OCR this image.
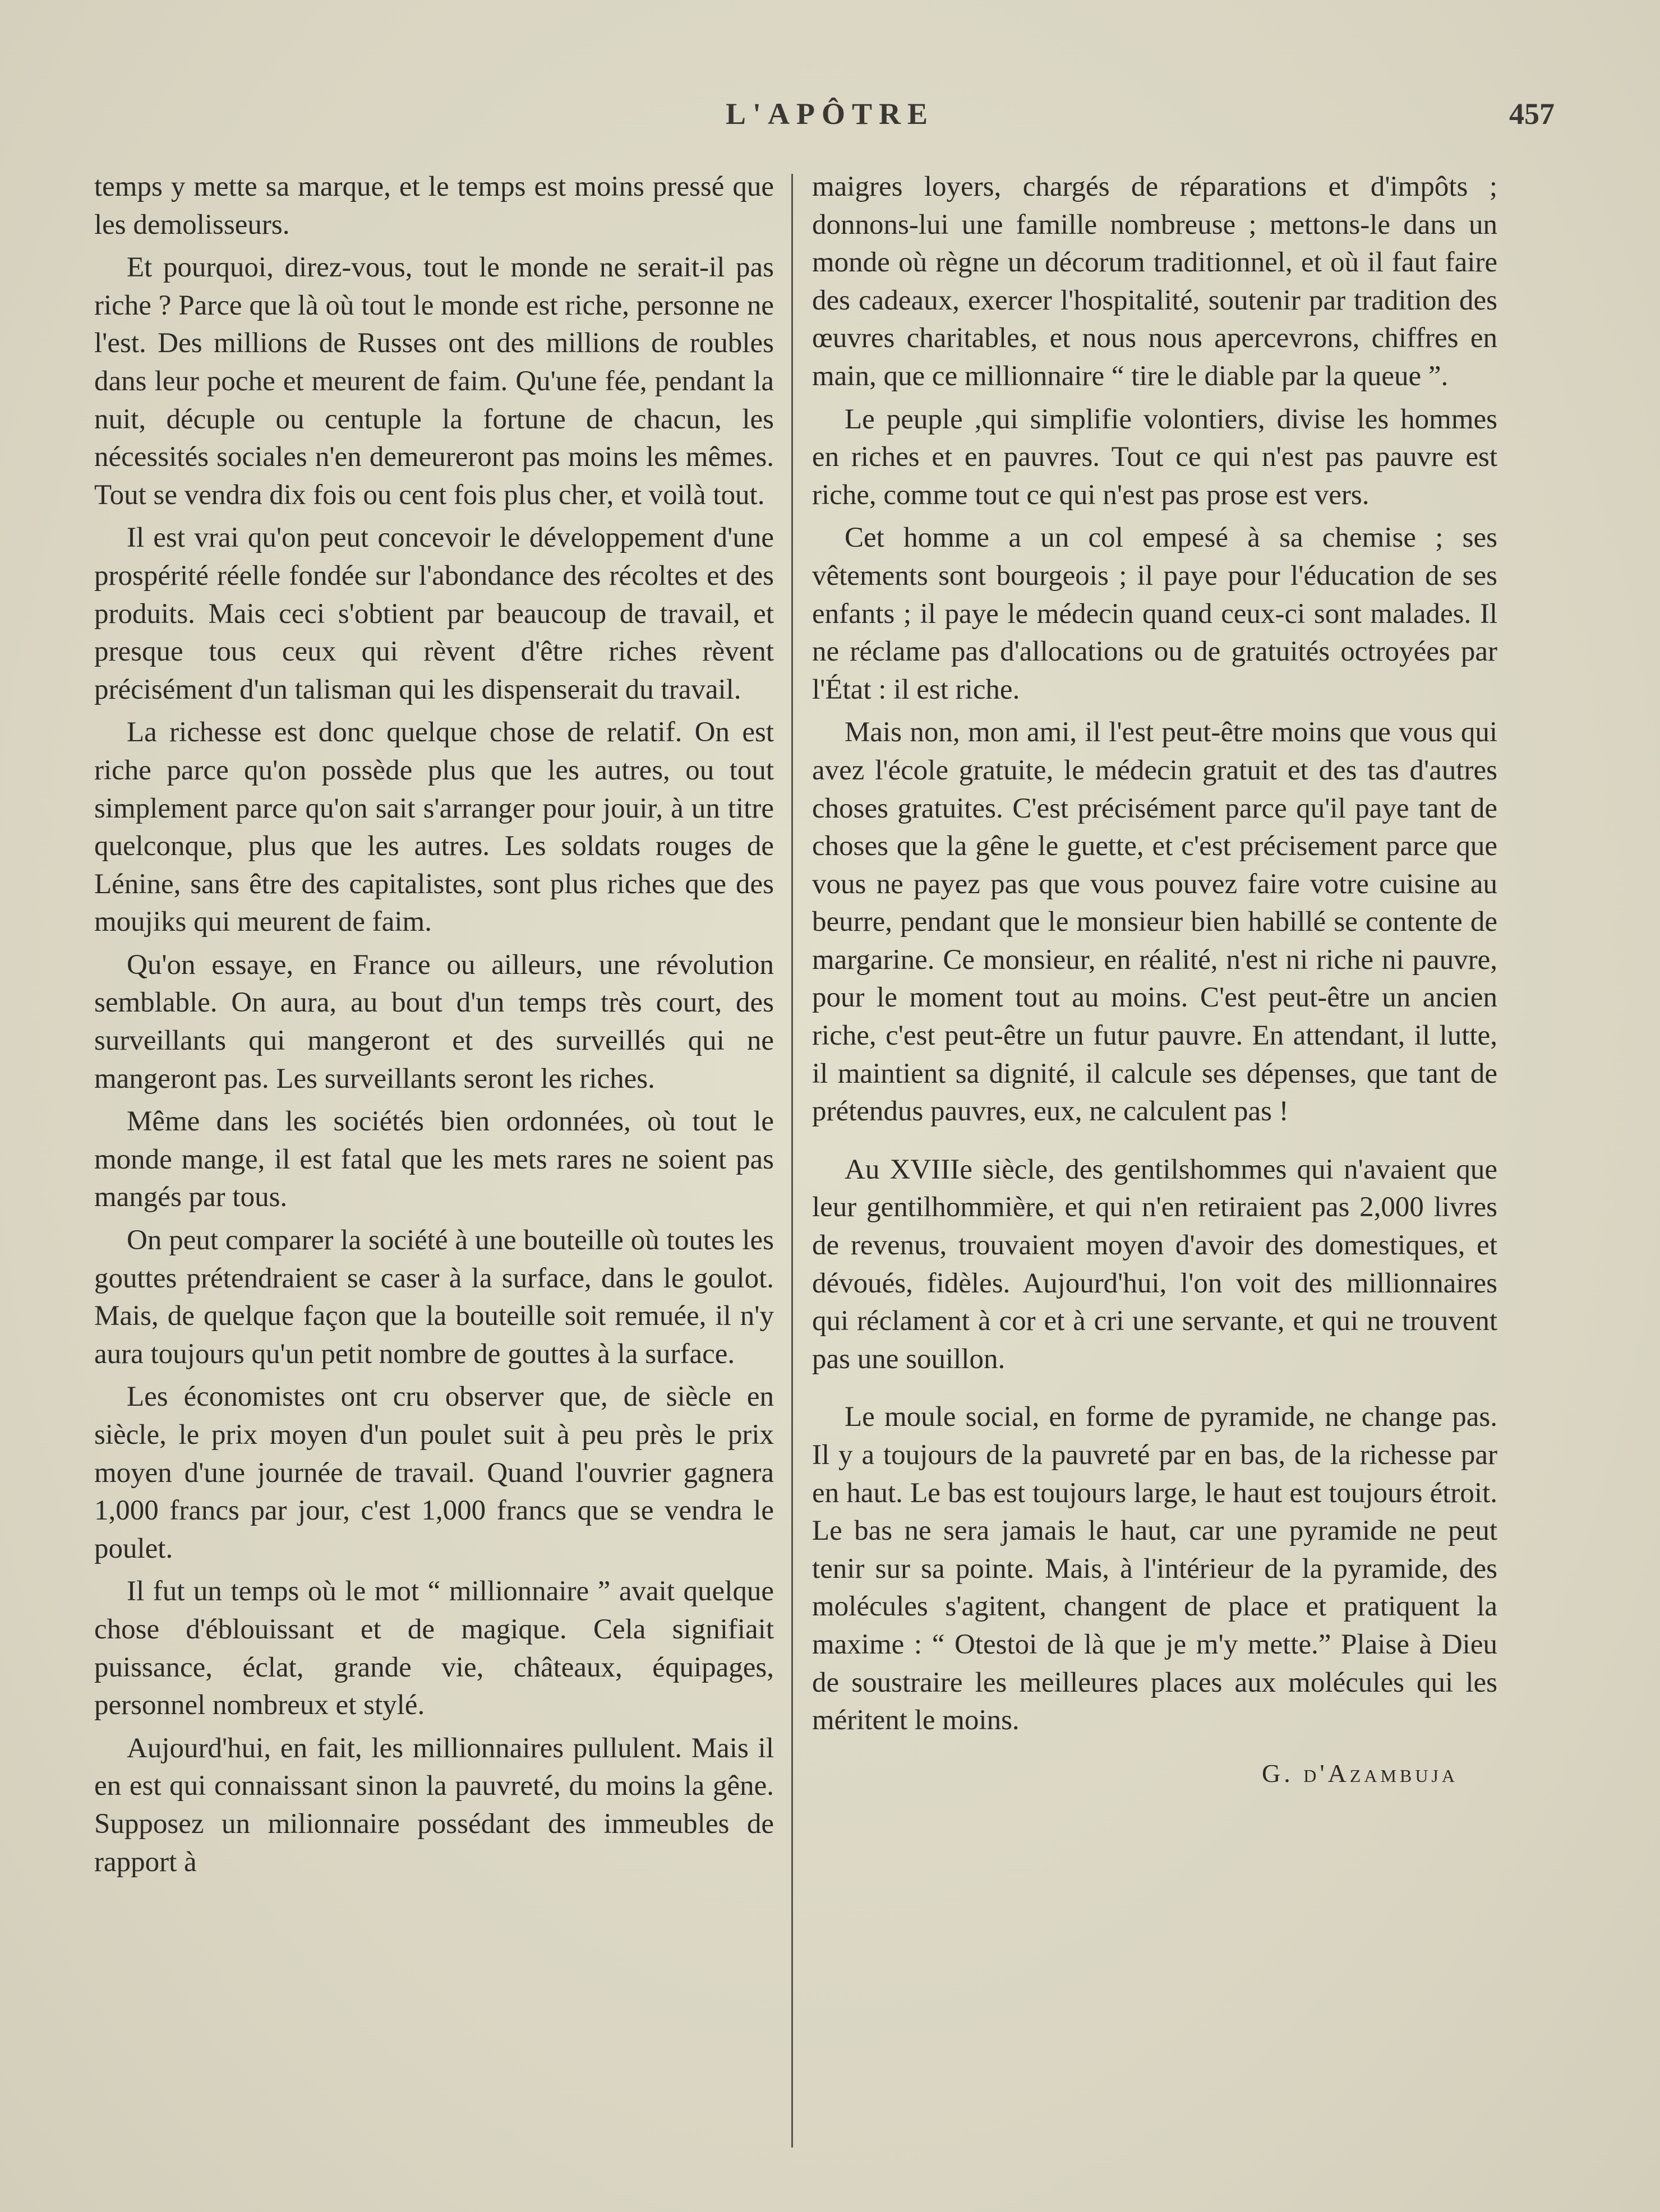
L'APÔTRE	457

temps y mette sa marque, et le temps est moins pressé que les demolisseurs.

Et pourquoi, direz-vous, tout le monde ne serait-il pas riche ? Parce que là où tout le monde est riche, personne ne l'est. Des millions de Russes ont des millions de roubles dans leur poche et meurent de faim. Qu'une fée, pendant la nuit, décuple ou centuple la fortune de chacun, les nécessités sociales n'en demeureront pas moins les mêmes. Tout se vendra dix fois ou cent fois plus cher, et voilà tout.

Il est vrai qu'on peut concevoir le développement d'une prospérité réelle fondée sur l'abondance des récoltes et des produits. Mais ceci s'obtient par beaucoup de travail, et presque tous ceux qui rèvent d'être riches rèvent précisément d'un talisman qui les dispenserait du travail.

La richesse est donc quelque chose de relatif. On est riche parce qu'on possède plus que les autres, ou tout simplement parce qu'on sait s'arranger pour jouir, à un titre quelconque, plus que les autres. Les soldats rouges de Lénine, sans être des capitalistes, sont plus riches que des moujiks qui meurent de faim.

Qu'on essaye, en France ou ailleurs, une révolution semblable. On aura, au bout d'un temps très court, des surveillants qui mangeront et des surveillés qui ne mangeront pas. Les surveillants seront les riches.

Même dans les sociétés bien ordonnées, où tout le monde mange, il est fatal que les mets rares ne soient pas mangés par tous.

On peut comparer la société à une bouteille où toutes les gouttes prétendraient se caser à la surface, dans le goulot. Mais, de quelque façon que la bouteille soit remuée, il n'y aura toujours qu'un petit nombre de gouttes à la surface.

Les économistes ont cru observer que, de siècle en siècle, le prix moyen d'un poulet suit à peu près le prix moyen d'une journée de travail. Quand l'ouvrier gagnera 1,000 francs par jour, c'est 1,000 francs que se vendra le poulet.

Il fut un temps où le mot “ millionnaire ” avait quelque chose d'éblouissant et de magique. Cela signifiait puissance, éclat, grande vie, châteaux, équipages, personnel nombreux et stylé.

Aujourd'hui, en fait, les millionnaires pullulent. Mais il en est qui connaissant sinon la pauvreté, du moins la gêne. Supposez un milionnaire possédant des immeubles de rapport à

maigres loyers, chargés de réparations et d'impôts ; donnons-lui une famille nombreuse ; mettons-le dans un monde où règne un décorum traditionnel, et où il faut faire des cadeaux, exercer l'hospitalité, soutenir par tradition des œuvres charitables, et nous nous apercevrons, chiffres en main, que ce millionnaire “ tire le diable par la queue ”.

Le peuple ,qui simplifie volontiers, divise les hommes en riches et en pauvres. Tout ce qui n'est pas pauvre est riche, comme tout ce qui n'est pas prose est vers.

Cet homme a un col empesé à sa chemise ; ses vêtements sont bourgeois ; il paye pour l'éducation de ses enfants ; il paye le médecin quand ceux-ci sont malades. Il ne réclame pas d'allocations ou de gratuités octroyées par l'État : il est riche.

Mais non, mon ami, il l'est peut-être moins que vous qui avez l'école gratuite, le médecin gratuit et des tas d'autres choses gratuites. C'est précisément parce qu'il paye tant de choses que la gêne le guette, et c'est précisement parce que vous ne payez pas que vous pouvez faire votre cuisine au beurre, pendant que le monsieur bien habillé se contente de margarine. Ce monsieur, en réalité, n'est ni riche ni pauvre, pour le moment tout au moins. C'est peut-être un ancien riche, c'est peut-être un futur pauvre. En attendant, il lutte, il maintient sa dignité, il calcule ses dépenses, que tant de prétendus pauvres, eux, ne calculent pas !

Au XVIIIe siècle, des gentilshommes qui n'avaient que leur gentilhommière, et qui n'en retiraient pas 2,000 livres de revenus, trouvaient moyen d'avoir des domestiques, et dévoués, fidèles. Aujourd'hui, l'on voit des millionnaires qui réclament à cor et à cri une servante, et qui ne trouvent pas une souillon.

Le moule social, en forme de pyramide, ne change pas. Il y a toujours de la pauvreté par en bas, de la richesse par en haut. Le bas est toujours large, le haut est toujours étroit. Le bas ne sera jamais le haut, car une pyramide ne peut tenir sur sa pointe. Mais, à l'intérieur de la pyramide, des molécules s'agitent, changent de place et pratiquent la maxime : “ Otestoi de là que je m'y mette.” Plaise à Dieu de soustraire les meilleures places aux molécules qui les méritent le moins.

G. d'Azambuja
